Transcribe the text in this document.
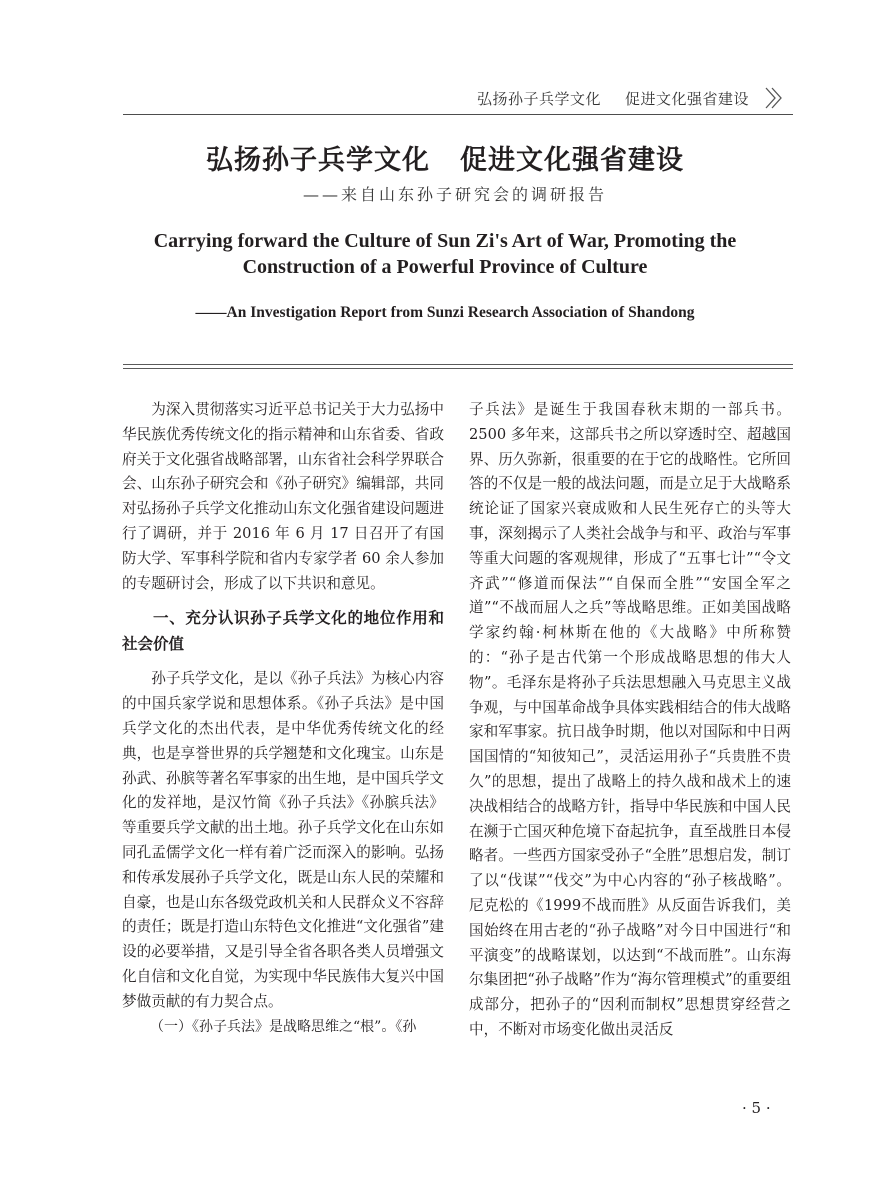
弘扬孙子兵学文化 促进文化强省建设
弘扬孙子兵学文化 促进文化强省建设
——来自山东孙子研究会的调研报告
Carrying forward the Culture of Sun Zi's Art of War, Promoting the
Construction of a Powerful Province of Culture
——An Investigation Report from Sunzi Research Association of Shandong

为深入贯彻落实习近平总书记关于大力弘扬中华民族优秀传统文化的指示精神和山东省委、省政府关于文化强省战略部署，山东省社会科学界联合会、山东孙子研究会和《孙子研究》编辑部，共同对弘扬孙子兵学文化推动山东文化强省建设问题进行了调研，并于 2016 年 6 月 17 日召开了有国防大学、军事科学院和省内专家学者 60 余人参加的专题研讨会，形成了以下共识和意见。

一、充分认识孙子兵学文化的地位作用和社会价值

孙子兵学文化，是以《孙子兵法》为核心内容的中国兵家学说和思想体系。《孙子兵法》是中国兵学文化的杰出代表，是中华优秀传统文化的经典，也是享誉世界的兵学翘楚和文化瑰宝。山东是孙武、孙膑等著名军事家的出生地，是中国兵学文化的发祥地，是汉竹简《孙子兵法》《孙膑兵法》等重要兵学文献的出土地。孙子兵学文化在山东如同孔孟儒学文化一样有着广泛而深入的影响。弘扬和传承发展孙子兵学文化，既是山东人民的荣耀和自豪，也是山东各级党政机关和人民群众义不容辞的责任；既是打造山东特色文化推进“文化强省”建设的必要举措，又是引导全省各职各类人员增强文化自信和文化自觉，为实现中华民族伟大复兴中国梦做贡献的有力契合点。

（一）《孙子兵法》是战略思维之“根”。《孙

子兵法》是诞生于我国春秋末期的一部兵书。2500 多年来，这部兵书之所以穿透时空、超越国界、历久弥新，很重要的在于它的战略性。它所回答的不仅是一般的战法问题，而是立足于大战略系统论证了国家兴衰成败和人民生死存亡的头等大事，深刻揭示了人类社会战争与和平、政治与军事等重大问题的客观规律，形成了“五事七计”“令文齐武”“修道而保法”“自保而全胜”“安国全军之道”“不战而屈人之兵”等战略思维。正如美国战略学家约翰·柯林斯在他的《大战略》中所称赞的：“孙子是古代第一个形成战略思想的伟大人物”。毛泽东是将孙子兵法思想融入马克思主义战争观，与中国革命战争具体实践相结合的伟大战略家和军事家。抗日战争时期，他以对国际和中日两国国情的“知彼知己”，灵活运用孙子“兵贵胜不贵久”的思想，提出了战略上的持久战和战术上的速决战相结合的战略方针，指导中华民族和中国人民在濒于亡国灭种危境下奋起抗争，直至战胜日本侵略者。一些西方国家受孙子“全胜”思想启发，制订了以“伐谋”“伐交”为中心内容的“孙子核战略”。尼克松的《1999不战而胜》从反面告诉我们，美国始终在用古老的“孙子战略”对今日中国进行“和平演变”的战略谋划，以达到“不战而胜”。山东海尔集团把“孙子战略”作为“海尔管理模式”的重要组成部分，把孙子的“因利而制权”思想贯穿经营之中，不断对市场变化做出灵活反

· 5 ·
